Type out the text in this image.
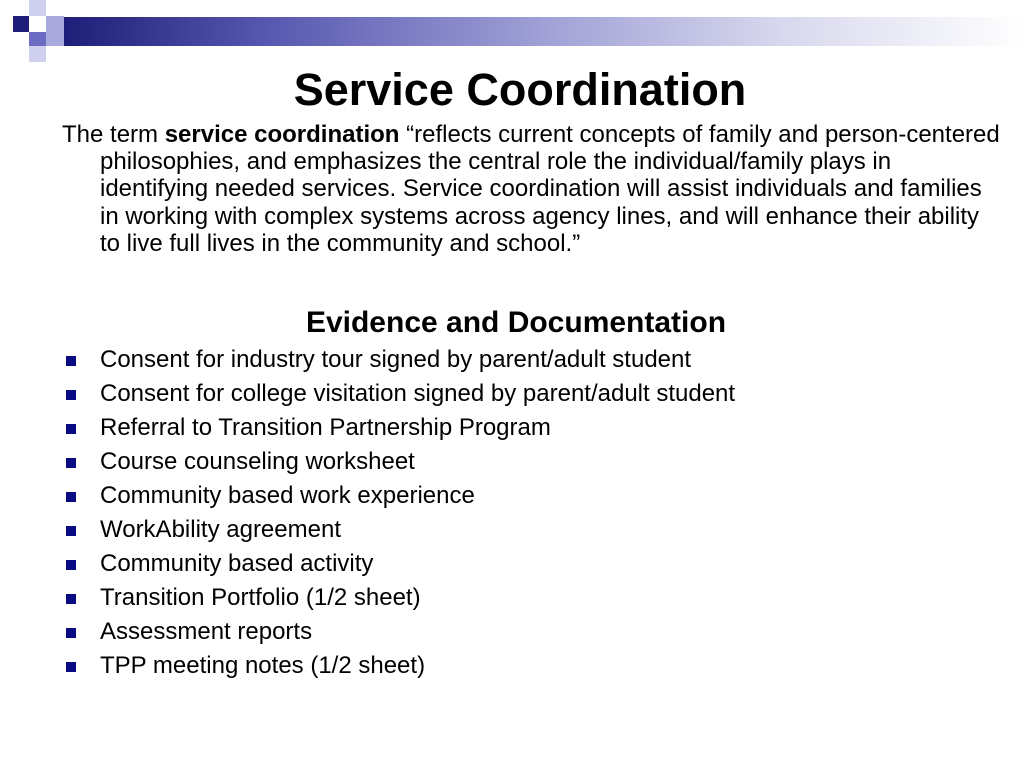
Service Coordination

The term service coordination “reflects current concepts of family and person-centered philosophies, and emphasizes the central role the individual/family plays in identifying needed services. Service coordination will assist individuals and families in working with complex systems across agency lines, and will enhance their ability to live full lives in the community and school.”

Evidence and Documentation
Consent for industry tour signed by parent/adult student
Consent for college visitation signed by parent/adult student
Referral to Transition Partnership Program
Course counseling worksheet
Community based work experience
WorkAbility agreement
Community based activity
Transition Portfolio (1/2 sheet)
Assessment reports
TPP meeting notes (1/2 sheet)
